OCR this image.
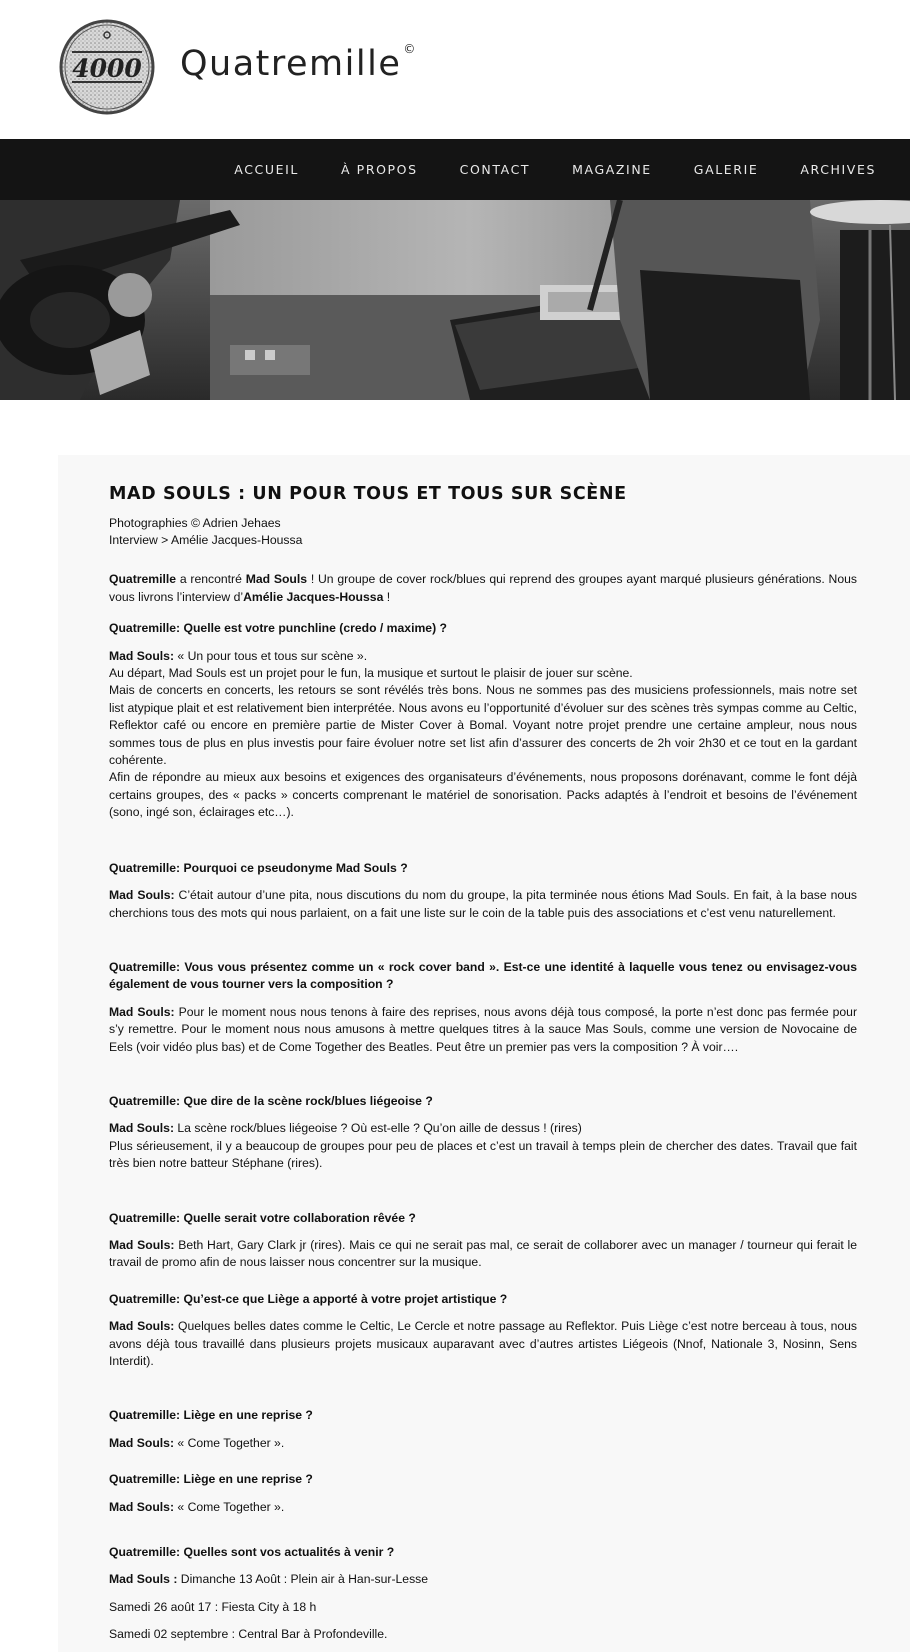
4000 Quatremille ©
ACCUEIL	À PROPOS	CONTACT	MAGAZINE	GALERIE	ARCHIVES
MAD SOULS : UN POUR TOUS ET TOUS SUR SCÈNE
Photographies © Adrien Jehaes
Interview > Amélie Jacques-Houssa

Quatremille a rencontré Mad Souls ! Un groupe de cover rock/blues qui reprend des groupes ayant marqué plusieurs générations. Nous vous livrons l’interview d’Amélie Jacques-Houssa !

Quatremille: Quelle est votre punchline (credo / maxime) ?

Mad Souls: « Un pour tous et tous sur scène ».

Au départ, Mad Souls est un projet pour le fun, la musique et surtout le plaisir de jouer sur scène.

Mais de concerts en concerts, les retours se sont révélés très bons. Nous ne sommes pas des musiciens professionnels, mais notre set list atypique plait et est relativement bien interprétée. Nous avons eu l’opportunité d’évoluer sur des scènes très sympas comme au Celtic, Reflektor café ou encore en première partie de Mister Cover à Bomal. Voyant notre projet prendre une certaine ampleur, nous nous sommes tous de plus en plus investis pour faire évoluer notre set list afin d’assurer des concerts de 2h voir 2h30 et ce tout en la gardant cohérente.

Afin de répondre au mieux aux besoins et exigences des organisateurs d’événements, nous proposons dorénavant, comme le font déjà certains groupes, des « packs » concerts comprenant le matériel de sonorisation. Packs adaptés à l’endroit et besoins de l’événement (sono, ingé son, éclairages etc…).

Quatremille: Pourquoi ce pseudonyme Mad Souls ?

Mad Souls: C’était autour d’une pita, nous discutions du nom du groupe, la pita terminée nous étions Mad Souls. En fait, à la base nous cherchions tous des mots qui nous parlaient, on a fait une liste sur le coin de la table puis des associations et c’est venu naturellement.

Quatremille: Vous vous présentez comme un « rock cover band ». Est-ce une identité à laquelle vous tenez ou envisagez-vous également de vous tourner vers la composition ?

Mad Souls: Pour le moment nous nous tenons à faire des reprises, nous avons déjà tous composé, la porte n’est donc pas fermée pour s’y remettre. Pour le moment nous nous amusons à mettre quelques titres à la sauce Mas Souls, comme une version de Novocaine de Eels (voir vidéo plus bas) et de Come Together des Beatles. Peut être un premier pas vers la composition ? À voir….

Quatremille: Que dire de la scène rock/blues liégeoise ?

Mad Souls: La scène rock/blues liégeoise ? Où est-elle ? Qu’on aille de dessus ! (rires)

Plus sérieusement, il y a beaucoup de groupes pour peu de places et c’est un travail à temps plein de chercher des dates. Travail que fait très bien notre batteur Stéphane (rires).

Quatremille: Quelle serait votre collaboration rêvée ?

Mad Souls: Beth Hart, Gary Clark jr (rires). Mais ce qui ne serait pas mal, ce serait de collaborer avec un manager / tourneur qui ferait le travail de promo afin de nous laisser nous concentrer sur la musique.

Quatremille: Qu’est-ce que Liège a apporté à votre projet artistique ?

Mad Souls: Quelques belles dates comme le Celtic, Le Cercle et notre passage au Reflektor. Puis Liège c’est notre berceau à tous, nous avons déjà tous travaillé dans plusieurs projets musicaux auparavant avec d’autres artistes Liégeois (Nnof, Nationale 3, Nosinn, Sens Interdit).

Quatremille: Liège en une reprise ?

Mad Souls: « Come Together ».

Quatremille: Liège en une reprise ?

Mad Souls: « Come Together ».

Quatremille: Quelles sont vos actualités à venir ?

Mad Souls : Dimanche 13 Août : Plein air à Han-sur-Lesse

Samedi 26 août 17 : Fiesta City à 18 h

Samedi 02 septembre : Central Bar à Profondeville.
